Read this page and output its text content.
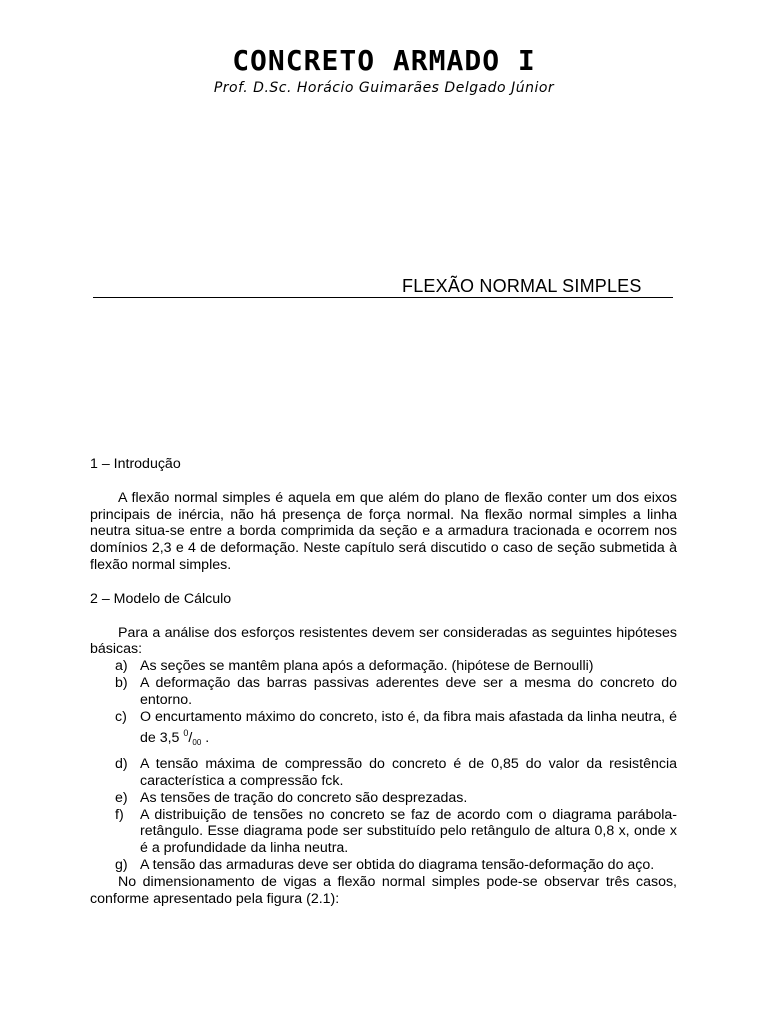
CONCRETO ARMADO I
Prof. D.Sc. Horácio Guimarães Delgado Júnior
FLEXÃO NORMAL SIMPLES
1 – Introdução

A flexão normal simples é aquela em que além do plano de flexão conter um dos eixos principais de inércia, não há presença de força normal. Na flexão normal simples a linha neutra situa-se entre a borda comprimida da seção e a armadura tracionada e ocorrem nos domínios 2,3 e 4 de deformação. Neste capítulo será discutido o caso de seção submetida à flexão normal simples.

2 – Modelo de Cálculo

Para a análise dos esforços resistentes devem ser consideradas as seguintes hipóteses básicas:

a) As seções se mantêm plana após a deformação. (hipótese de Bernoulli)
b) A deformação das barras passivas aderentes deve ser a mesma do concreto do entorno.
c) O encurtamento máximo do concreto, isto é, da fibra mais afastada da linha neutra, é de 3,5 $^0/_{00}$ .
d) A tensão máxima de compressão do concreto é de 0,85 do valor da resistência característica a compressão fck.
e) As tensões de tração do concreto são desprezadas.
f) A distribuição de tensões no concreto se faz de acordo com o diagrama parábola-retângulo. Esse diagrama pode ser substituído pelo retângulo de altura 0,8 x, onde x é a profundidade da linha neutra.
g) A tensão das armaduras deve ser obtida do diagrama tensão-deformação do aço.

No dimensionamento de vigas a flexão normal simples pode-se observar três casos, conforme apresentado pela figura (2.1):
